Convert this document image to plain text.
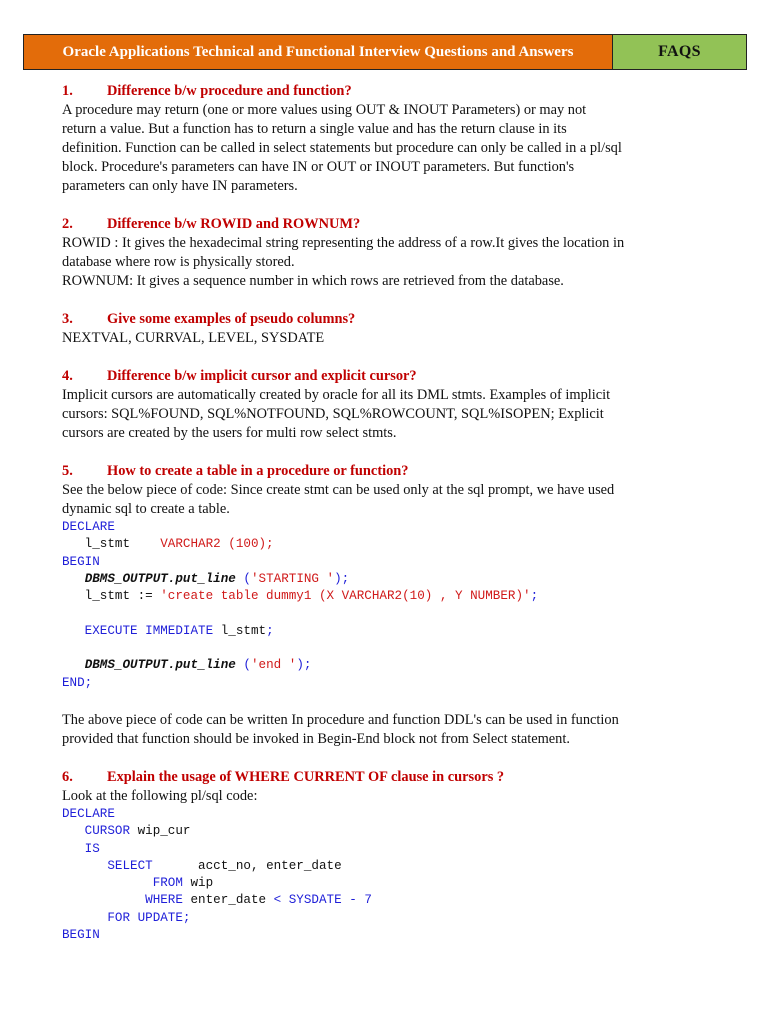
Oracle Applications Technical and Functional Interview Questions and Answers	FAQS
1.	Difference b/w procedure and function?

A procedure may return (one or more values using OUT & INOUT Parameters) or may not

return a value. But a function has to return a single value and has the return clause in its

definition. Function can be called in select statements but procedure can only be called in a pl/sql

block. Procedure's parameters can have IN or OUT or INOUT parameters. But function's

parameters can only have IN parameters.

2.	Difference b/w ROWID and ROWNUM?

ROWID : It gives the hexadecimal string representing the address of a row.It gives the location in

database where row is physically stored.

ROWNUM: It gives a sequence number in which rows are retrieved from the database.

3.	Give some examples of pseudo columns?

NEXTVAL, CURRVAL, LEVEL, SYSDATE

4.	Difference b/w implicit cursor and explicit cursor?

Implicit cursors are automatically created by oracle for all its DML stmts. Examples of implicit

cursors: SQL%FOUND, SQL%NOTFOUND, SQL%ROWCOUNT, SQL%ISOPEN; Explicit

cursors are created by the users for multi row select stmts.

5.	How to create a table in a procedure or function?

See the below piece of code: Since create stmt can be used only at the sql prompt, we have used

dynamic sql to create a table.

DECLARE
l_stmt    VARCHAR2 (100);
BEGIN
DBMS_OUTPUT.put_line ('STARTING ');
l_stmt := 'create table dummy1 (X VARCHAR2(10) , Y NUMBER)';

EXECUTE IMMEDIATE l_stmt;

DBMS_OUTPUT.put_line ('end ');
END;

The above piece of code can be written In procedure and function DDL's can be used in function

provided that function should be invoked in Begin-End block not from Select statement.

6.	Explain the usage of WHERE CURRENT OF clause in cursors ?

Look at the following pl/sql code:

DECLARE
CURSOR wip_cur
IS
SELECT      acct_no, enter_date
FROM wip
WHERE enter_date < SYSDATE - 7
FOR UPDATE;
BEGIN
